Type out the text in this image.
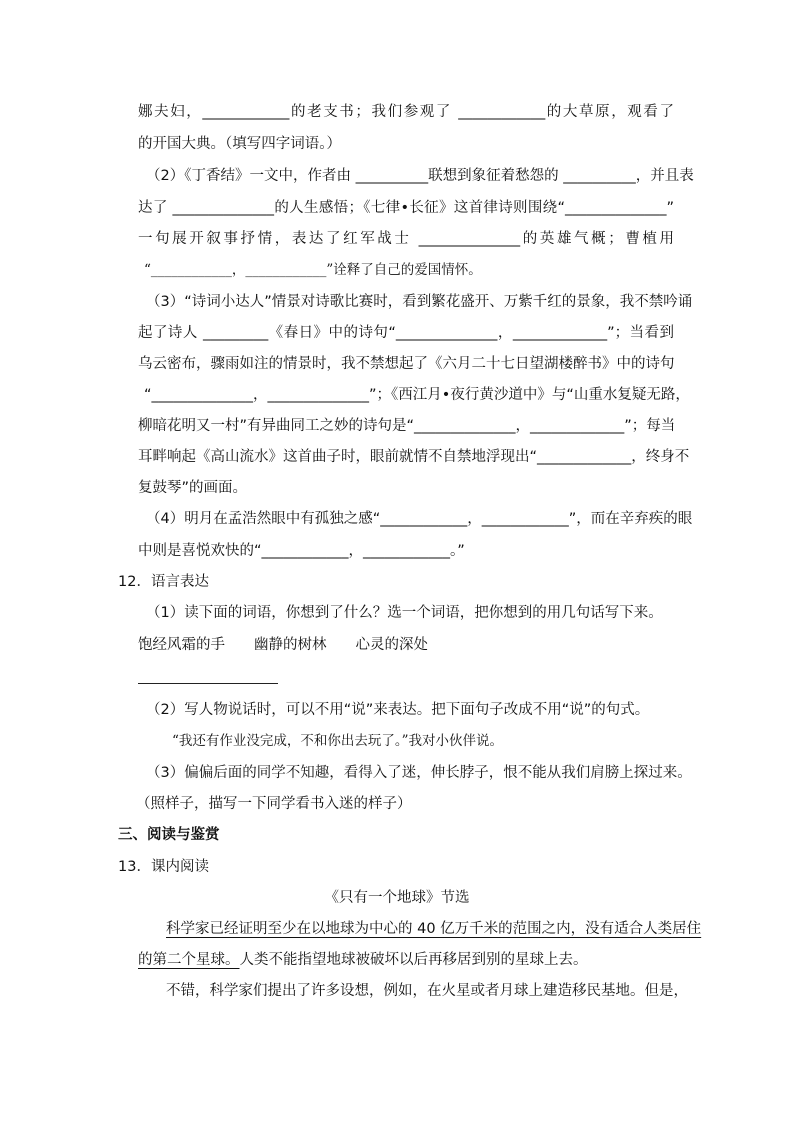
娜夫妇，____________的老支书；我们参观了 ____________的大草原，观看了
的开国大典。（填写四字词语。）
（2）《丁香结》一文中，作者由 __________联想到象征着愁怨的 __________，并且表
达了 ______________的人生感悟；《七律•长征》这首律诗则围绕“______________”
一句展开叙事抒情，表达了红军战士 ______________的英雄气概；曹植用
“____________，____________”诠释了自己的爱国情怀。
（3）“诗词小达人”情景对诗歌比赛时，看到繁花盛开、万紫千红的景象，我不禁吟诵
起了诗人 _________《春日》中的诗句“______________，_____________”；当看到
乌云密布，骤雨如注的情景时，我不禁想起了《六月二十七日望湖楼醉书》中的诗句
“______________，______________”；《西江月•夜行黄沙道中》与“山重水复疑无路，
柳暗花明又一村”有异曲同工之妙的诗句是“______________，_____________”；每当
耳畔响起《高山流水》这首曲子时，眼前就情不自禁地浮现出“_____________，终身不
复鼓琴”的画面。
（4）明月在孟浩然眼中有孤独之感“____________，____________”，而在辛弃疾的眼
中则是喜悦欢快的“____________，____________。”
12．语言表达
（1）读下面的词语，你想到了什么？选一个词语，把你想到的用几句话写下来。
饱经风霜的手　　幽静的树林　　心灵的深处
（2）写人物说话时，可以不用“说”来表达。把下面句子改成不用“说”的句式。
“我还有作业没完成，不和你出去玩了。”我对小伙伴说。
（3）偏偏后面的同学不知趣，看得入了迷，伸长脖子，恨不能从我们肩膀上探过来。
（照样子，描写一下同学看书入迷的样子）
三、阅读与鉴赏
13．课内阅读
《只有一个地球》节选
科学家已经证明至少在以地球为中心的 40 亿万千米的范围之内，没有适合人类居住
的第二个星球。人类不能指望地球被破坏以后再移居到别的星球上去。
不错，科学家们提出了许多设想，例如，在火星或者月球上建造移民基地。但是，
